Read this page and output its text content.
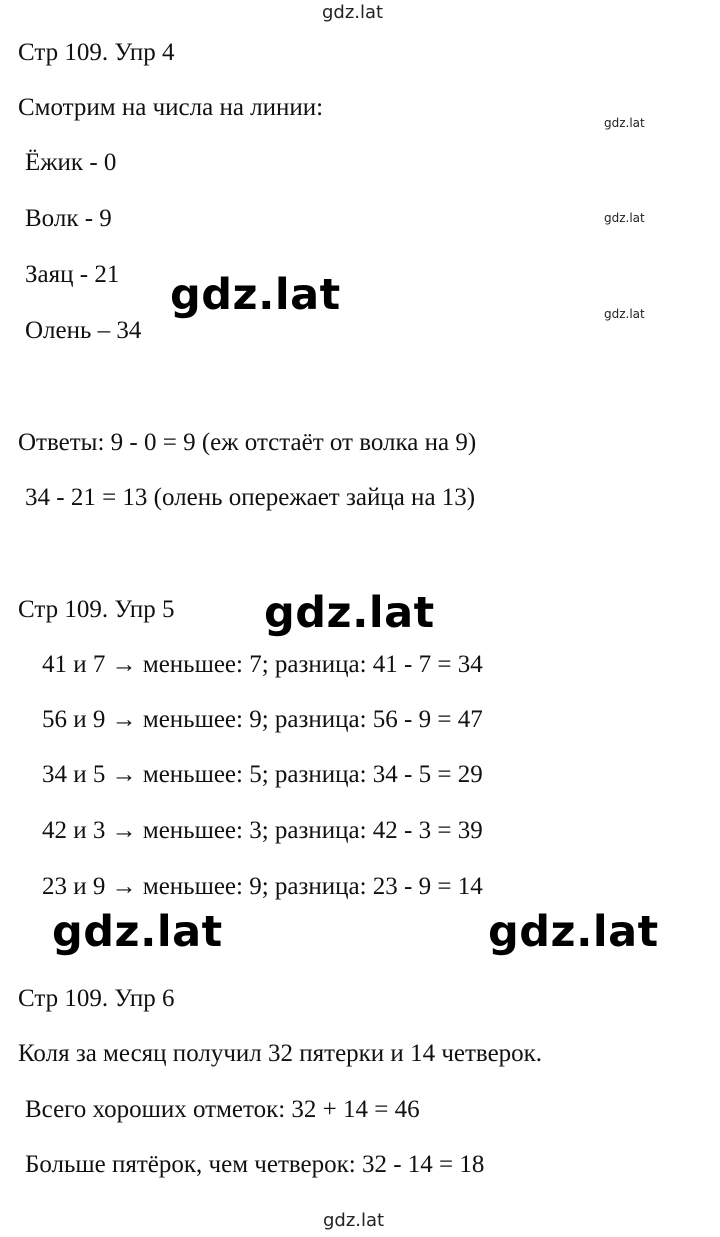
gdz.lat
gdz.lat
gdz.lat
gdz.lat
gdz.lat
gdz.lat
gdz.lat	gdz.lat
gdz.lat
Стр 109. Упр 4
Смотрим на числа на линии:
Ёжик - 0
Волк - 9
Заяц - 21
Олень – 34
Ответы: 9 - 0 = 9 (еж отстаёт от волка на 9)
34 - 21 = 13 (олень опережает зайца на 13)
Стр 109. Упр 5
41 и 7 → меньшее: 7; разница: 41 - 7 = 34
56 и 9 → меньшее: 9; разница: 56 - 9 = 47
34 и 5 → меньшее: 5; разница: 34 - 5 = 29
42 и 3 → меньшее: 3; разница: 42 - 3 = 39
23 и 9 → меньшее: 9; разница: 23 - 9 = 14
Стр 109. Упр 6
Коля за месяц получил 32 пятерки и 14 четверок.
Всего хороших отметок: 32 + 14 = 46
Больше пятёрок, чем четверок: 32 - 14 = 18
